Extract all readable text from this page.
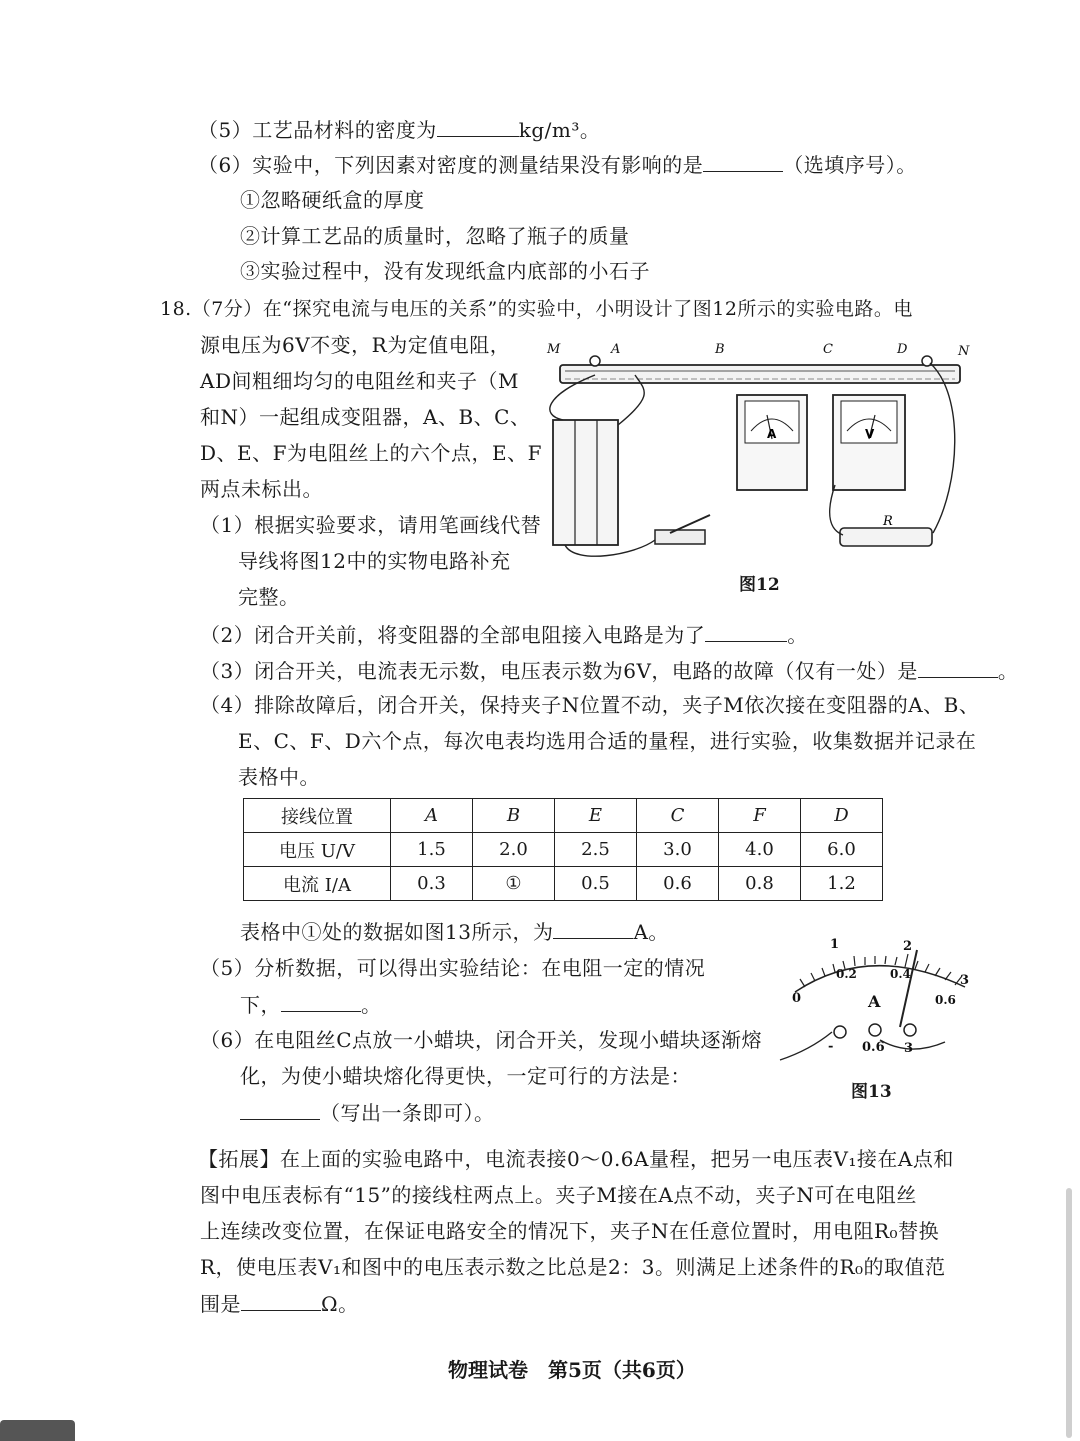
（5）工艺品材料的密度为	kg/m³。
（6）实验中，下列因素对密度的测量结果没有影响的是	（选填序号）。
①忽略硬纸盒的厚度
②计算工艺品的质量时，忽略了瓶子的质量
③实验过程中，没有发现纸盒内底部的小石子
18.（7分）在“探究电流与电压的关系”的实验中，小明设计了图12所示的实验电路。电
源电压为6V不变，R为定值电阻，
AD间粗细均匀的电阻丝和夹子（M
和N）一起组成变阻器，A、B、C、
D、E、F为电阻丝上的六个点，E、F
两点未标出。
（1）根据实验要求，请用笔画线代替
导线将图12中的实物电路补充
完整。
M	A	B	C	D	N
A	V
R
图12
（2）闭合开关前，将变阻器的全部电阻接入电路是为了	。
（3）闭合开关，电流表无示数，电压表示数为6V，电路的故障（仅有一处）是	。
（4）排除故障后，闭合开关，保持夹子N位置不动，夹子M依次接在变阻器的A、B、
E、C、F、D六个点，每次电表均选用合适的量程，进行实验，收集数据并记录在
表格中。
接线位置	A	B	E	C	F	D
电压 U/V	1.5	2.0	2.5	3.0	4.0	6.0
电流 I/A	0.3	①	0.5	0.6	0.8	1.2
表格中①处的数据如图13所示，为	A。
（5）分析数据，可以得出实验结论：在电阻一定的情况
下，	。
（6）在电阻丝C点放一小蜡块，闭合开关，发现小蜡块逐渐熔
化，为使小蜡块熔化得更快，一定可行的方法是：
（写出一条即可）。
0
1	2
3
0.2	0.4
0.6
A
- 0.6 3
图13
【拓展】在上面的实验电路中，电流表接0～0.6A量程，把另一电压表V₁接在A点和
图中电压表标有“15”的接线柱两点上。夹子M接在A点不动，夹子N可在电阻丝
上连续改变位置，在保证电路安全的情况下，夹子N在任意位置时，用电阻R₀替换
R，使电压表V₁和图中的电压表示数之比总是2：3。则满足上述条件的R₀的取值范
围是	Ω。
物理试卷　第5页（共6页）
